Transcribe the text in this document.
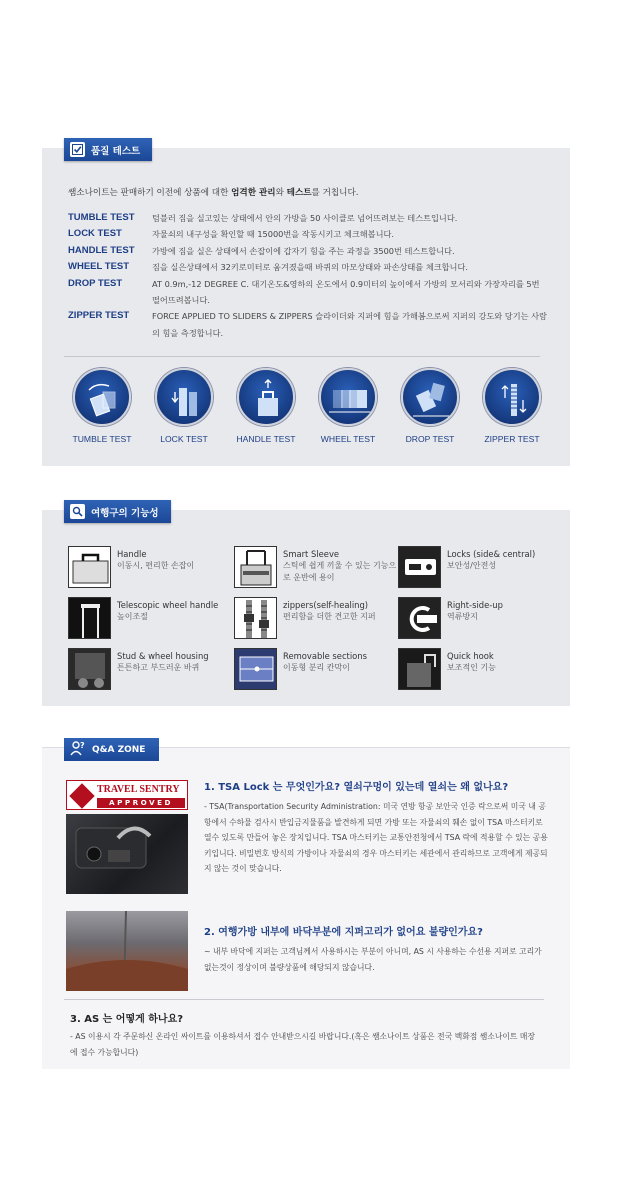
품질 테스트

쌤소나이트는 판매하기 이전에 상품에 대한 엄격한 관리와 테스트를 거칩니다.

TUMBLE TEST	텀블러 짐을 실고있는 상태에서 안의 가방을 50 사이클로 넘어뜨려보는 테스트입니다.
LOCK TEST	자물쇠의 내구성을 확인할 때 15000번을 작동시키고 체크해봅니다.
HANDLE TEST	가방에 짐을 실은 상태에서 손잡이에 갑자기 힘을 주는 과정을 3500번 테스트합니다.
WHEEL TEST	짐을 실은상태에서 32키로미터로 움겨졌을때 바퀴의 마모상태와 파손상태를 체크합니다.
DROP TEST	AT 0.9m,-12 DEGREE C. 대기온도&영하의 온도에서 0.9미터의 높이에서 가방의 모서리와 가장자리를 5번 떨어뜨려봅니다.
ZIPPER TEST	FORCE APPLIED TO SLIDERS & ZIPPERS 슬라이더와 지퍼에 힘을 가해봄으로써 지퍼의 강도와 당기는 사람의 힘을 측정합니다.
TUMBLE TEST	LOCK TEST	HANDLE TEST	WHEEL TEST	DROP TEST	ZIPPER TEST
여행구의 기능성
Handle
이동시, 편리한 손잡이
Smart Sleeve
스틱에 쉽게 끼울 수 있는 기능으로 운반에 용이
Locks (side& central)
보안성/안전성
Telescopic wheel handle
높이조절
zippers(self-healing)
편리함을 더한 견고한 지퍼
Right-side-up
역류방지
Stud & wheel housing
튼튼하고 부드러운 바퀴
Removable sections
이동형 분리 칸막이
Quick hook
보조적인 기능
? Q&A ZONE
TRAVEL SENTRY
APPROVED
1. TSA Lock 는 무엇인가요? 열쇠구멍이 있는데 열쇠는 왜 없나요?
- TSA(Transportation Security Administration: 미국 연방 항공 보안국 인증 락으로써 미국 내 공항에서 수하물 검사시 반입금지물품을 발견하게 되면 가방 또는 자물쇠의 훼손 없이 TSA 마스터키로 열수 있도록 만들어 놓은 장치입니다. TSA 마스터키는 교통안전청에서 TSA 락에 적용할 수 있는 공용키입니다. 비밀번호 방식의 가방이나 자물쇠의 경우 마스터키는 세관에서 관리하므로 고객에게 제공되지 않는 것이 맞습니다.
2. 여행가방 내부에 바닥부분에 지퍼고리가 없어요 불량인가요?
~ 내부 바닥에 지퍼는 고객님께서 사용하시는 부분이 아니며, AS 시 사용하는 수선용 지퍼로 고리가 없는것이 정상이며 불량상품에 해당되지 않습니다.
3. AS 는 어떻게 하나요?
- AS 이용시 각 주문하신 온라인 싸이트를 이용하셔서 접수 안내받으시길 바랍니다.(혹은 쌤소나이트 상품은 전국 백화점 쌤소나이트 매장에 접수 가능합니다)
